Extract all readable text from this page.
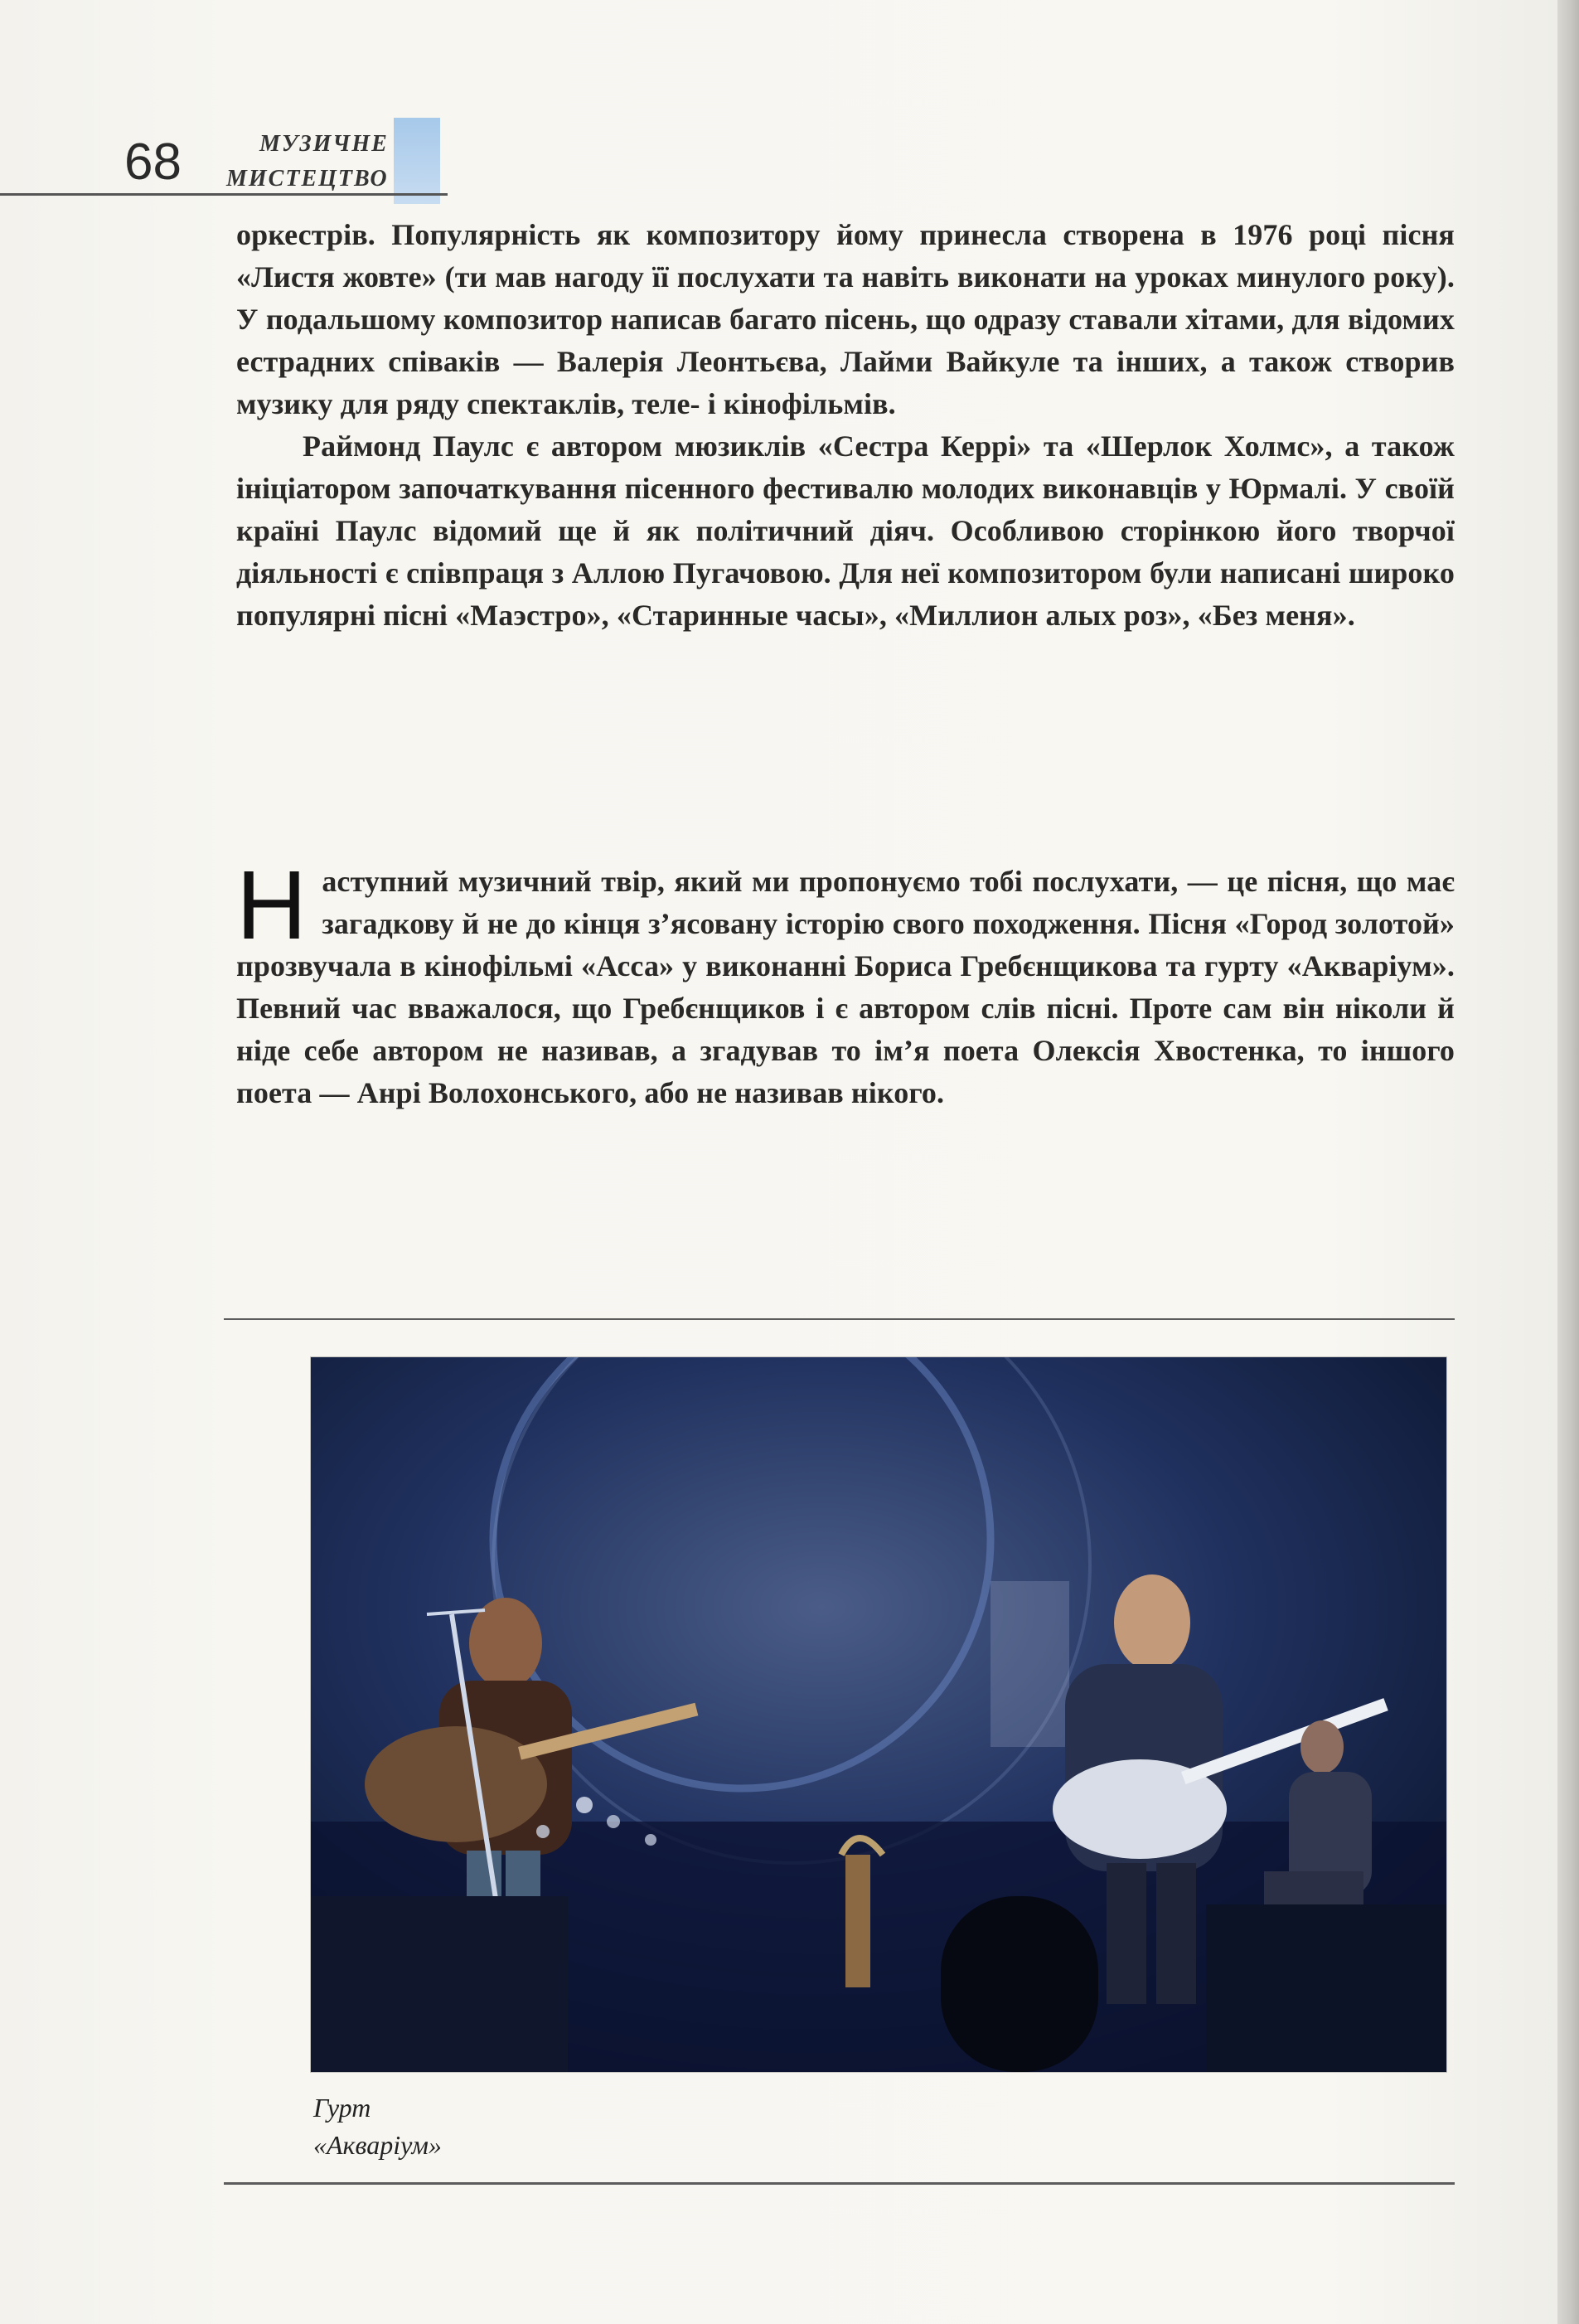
68	МУЗИЧНЕ
МИСТЕЦТВО

оркестрів. Популярність як композитору йому принесла створена в 1976 році пісня «Листя жовте» (ти мав нагоду її послухати та навіть виконати на уроках минулого року). У подальшому композитор написав багато пісень, що одразу ставали хітами, для відомих естрадних співаків — Валерія Леонтьєва, Лайми Вайкуле та інших, а також створив музику для ряду спектаклів, теле- і кінофільмів.

Раймонд Паулс є автором мюзиклів «Сестра Керрі» та «Шерлок Холмс», а також ініціатором започаткування пісенного фестивалю молодих виконавців у Юрмалі. У своїй країні Паулс відомий ще й як політичний діяч. Особливою сторінкою його творчої діяльності є співпраця з Аллою Пугачовою. Для неї композитором були написані широко популярні пісні «Маэстро», «Старинные часы», «Миллион алых роз», «Без меня».

Н аступний музичний твір, який ми пропонуємо тобі послухати, — це пісня, що має загадкову й не до кінця з’ясовану історію свого походження. Пісня «Город золотой» прозвучала в кінофільмі «Асса» у виконанні Бориса Гребєнщикова та гурту «Акваріум». Певний час вважалося, що Гребєнщиков і є автором слів пісні. Проте сам він ніколи й ніде себе автором не називав, а згадував то ім’я поета Олексія Хвостенка, то іншого поета — Анрі Волохонського, або не називав нікого.

Гурт
«Акваріум»
